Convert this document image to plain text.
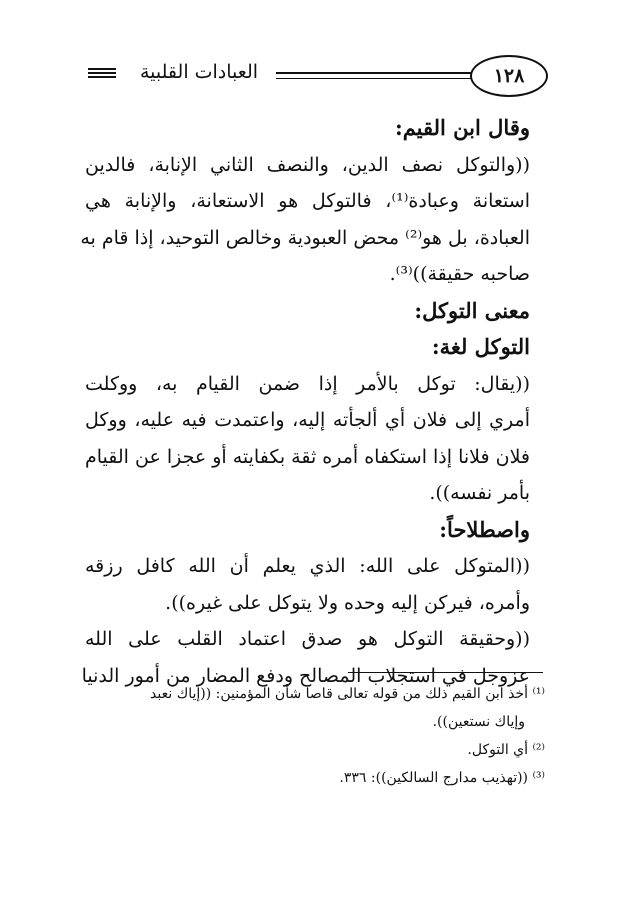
١٢٨
العبادات القلبية
وقال ابن القيم:
((والتوكل نصف الدين، والنصف الثاني الإنابة، فالدين
استعانة وعبادة⁽¹⁾، فالتوكل هو الاستعانة، والإنابة هي
العبادة، بل هو⁽²⁾ محض العبودية وخالص التوحيد، إذا قام به
صاحبه حقيقة))⁽³⁾.
معنى التوكل:
التوكل لغة:
((يقال: توكل بالأمر إذا ضمن القيام به، ووكلت
أمري إلى فلان أي ألجأته إليه، واعتمدت فيه عليه، ووكل
فلان فلانا إذا استكفاه أمره ثقة بكفايته أو عجزا عن القيام
بأمر نفسه)).
واصطلاحاً:
((المتوكل على الله: الذي يعلم أن الله كافل رزقه
وأمره، فيركن إليه وحده ولا يتوكل على غيره)).
((وحقيقة التوكل هو صدق اعتماد القلب على الله
عزوجل في استجلاب المصالح ودفع المضار من أمور الدنيا
⁽¹⁾ أخذ ابن القيم ذلك من قوله تعالى قاصا شأن المؤمنين: ((إياك نعبد
وإياك نستعين)).
⁽²⁾ أي التوكل.
⁽³⁾ ((تهذيب مدارج السالكين)): ٣٣٦.
